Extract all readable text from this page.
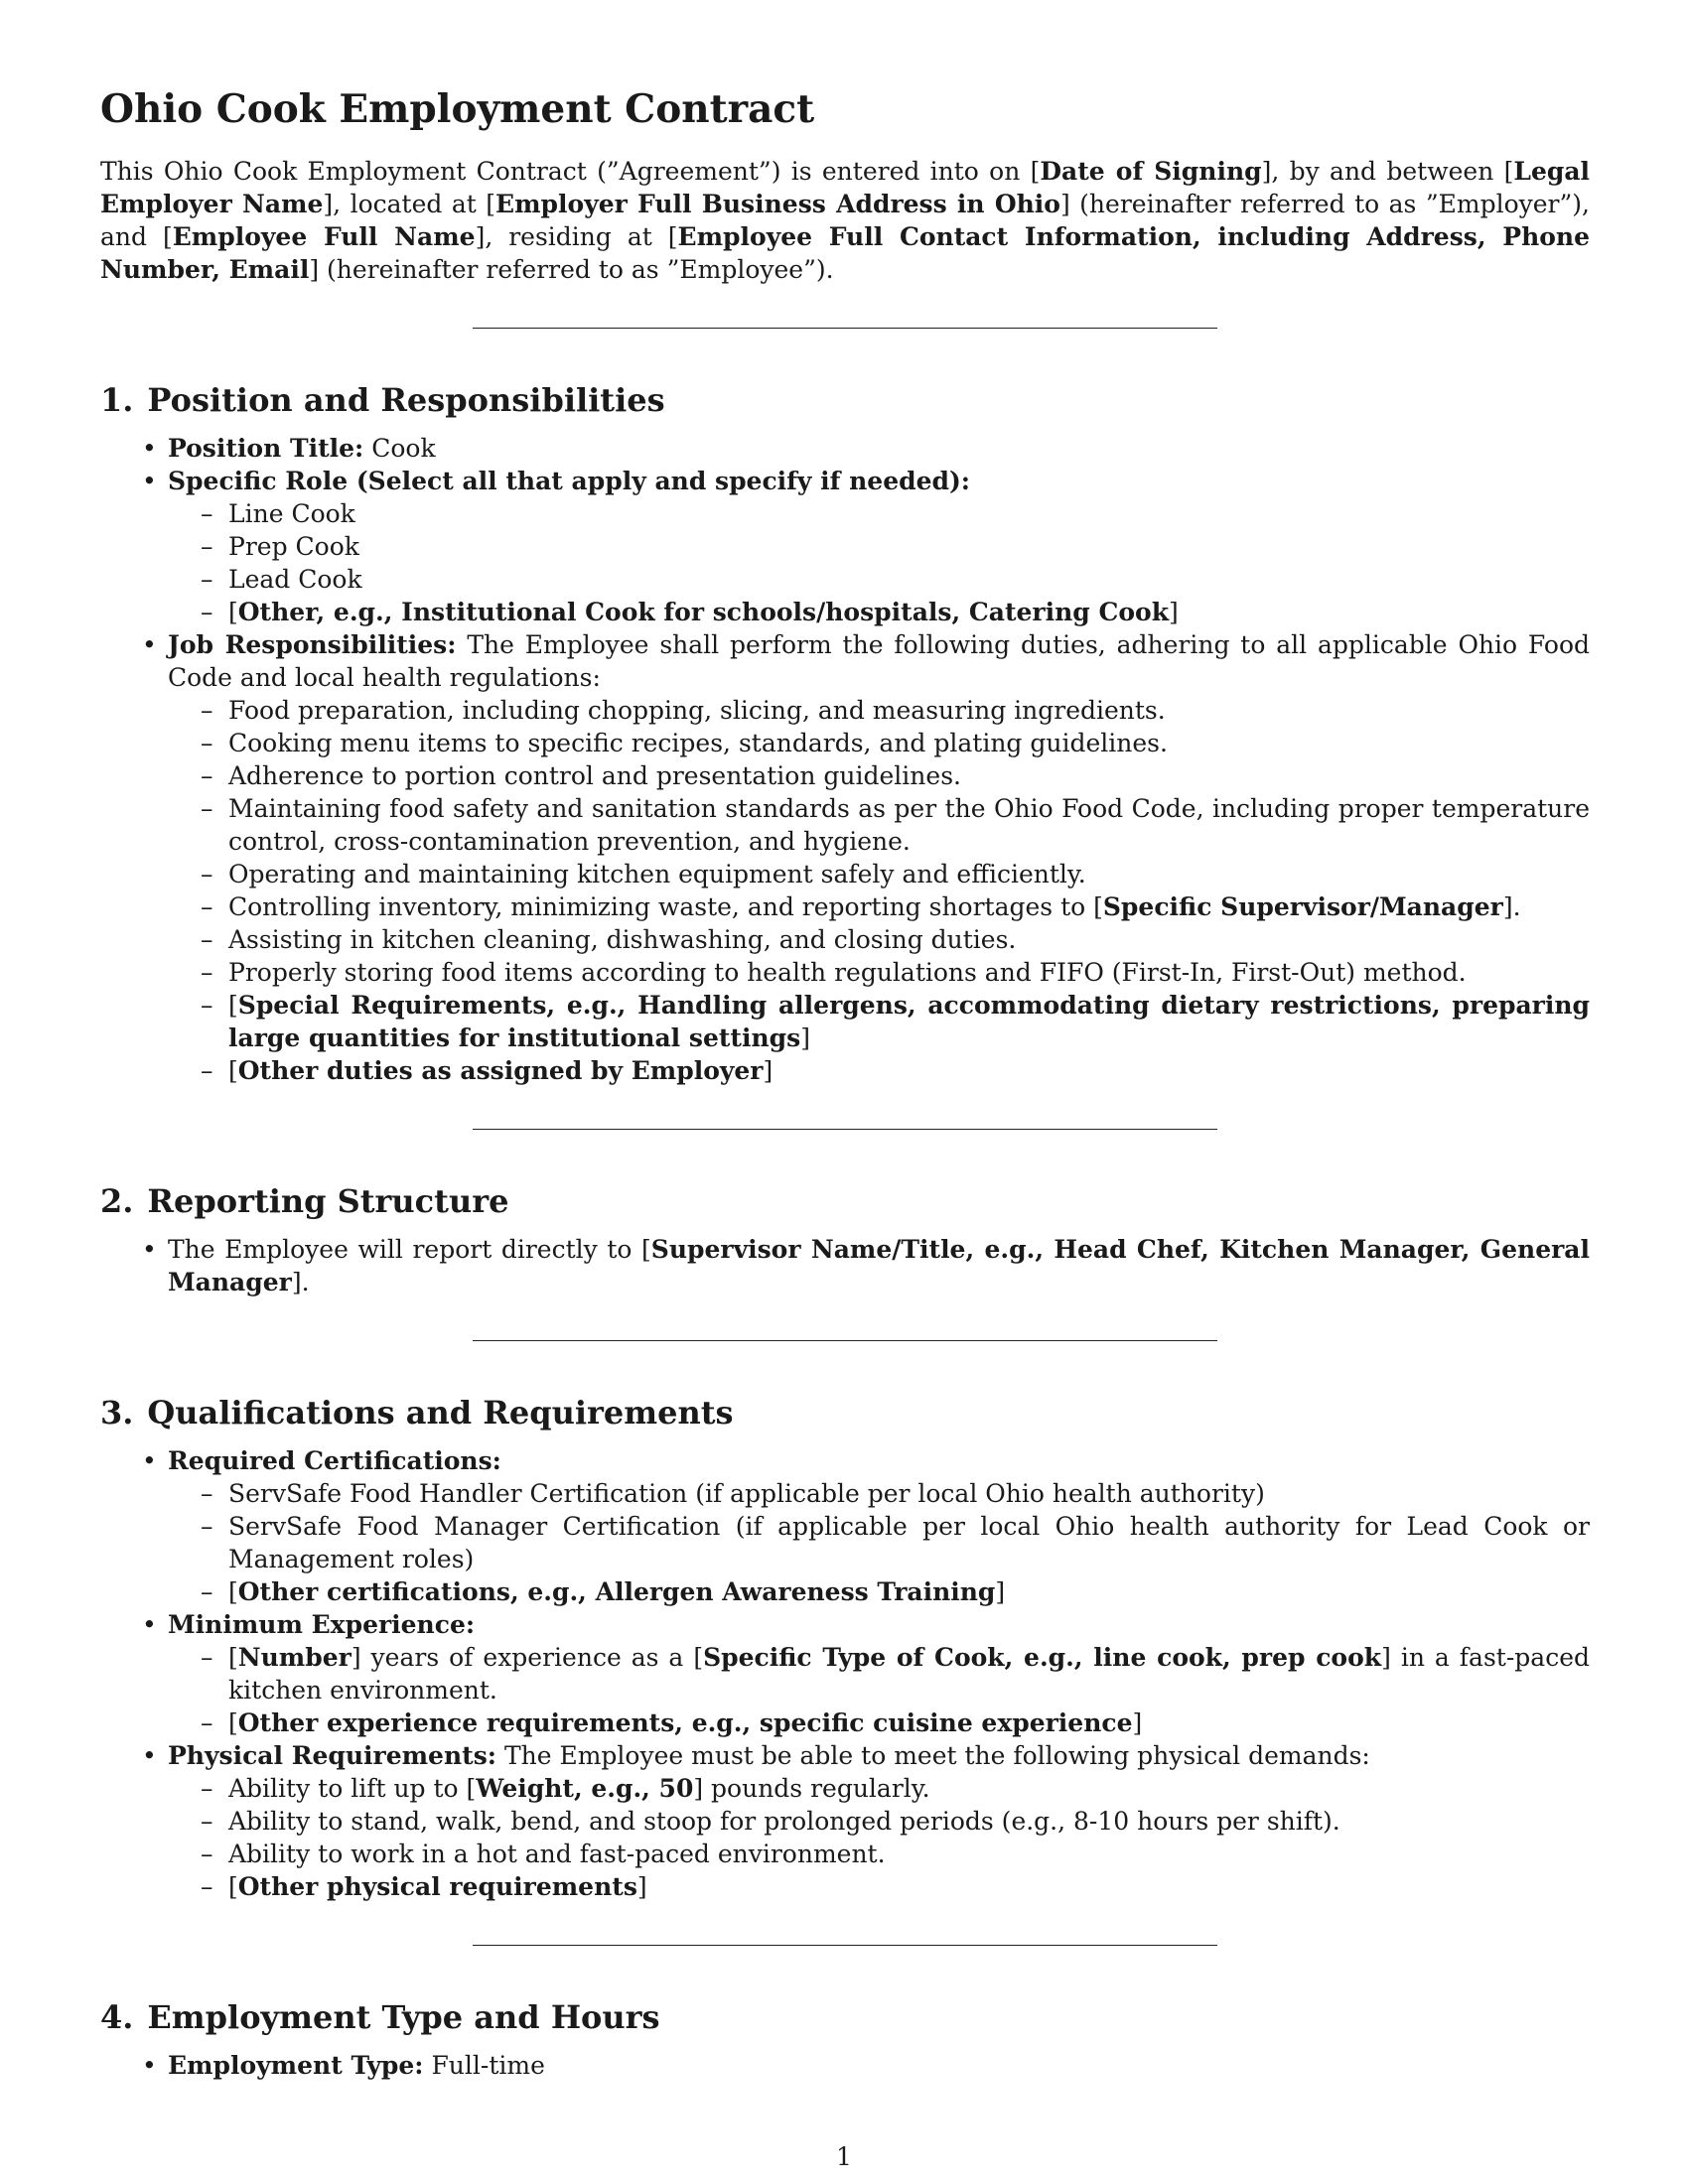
Ohio Cook Employment Contract

This Ohio Cook Employment Contract (”Agreement”) is entered into on [Date of Signing], by and between [Legal Employer Name], located at [Employer Full Business Address in Ohio] (hereinafter referred to as ”Employer”), and [Employee Full Name], residing at [Employee Full Contact Information, including Address, Phone Number, Email] (hereinafter referred to as ”Employee”).

1. Position and Responsibilities
• Position Title: Cook
• Specific Role (Select all that apply and specify if needed):
– Line Cook
– Prep Cook
– Lead Cook
– [Other, e.g., Institutional Cook for schools/hospitals, Catering Cook]
• Job Responsibilities: The Employee shall perform the following duties, adhering to all applicable Ohio Food Code and local health regulations:
– Food preparation, including chopping, slicing, and measuring ingredients.
– Cooking menu items to specific recipes, standards, and plating guidelines.
– Adherence to portion control and presentation guidelines.
– Maintaining food safety and sanitation standards as per the Ohio Food Code, including proper temperature control, cross-contamination prevention, and hygiene.
– Operating and maintaining kitchen equipment safely and efficiently.
– Controlling inventory, minimizing waste, and reporting shortages to [Specific Supervisor/Manager].
– Assisting in kitchen cleaning, dishwashing, and closing duties.
– Properly storing food items according to health regulations and FIFO (First-In, First-Out) method.
– [Special Requirements, e.g., Handling allergens, accommodating dietary restrictions, preparing large quantities for institutional settings]
– [Other duties as assigned by Employer]
2. Reporting Structure
• The Employee will report directly to [Supervisor Name/Title, e.g., Head Chef, Kitchen Manager, General Manager].
3. Qualifications and Requirements
• Required Certifications:
– ServSafe Food Handler Certification (if applicable per local Ohio health authority)
– ServSafe Food Manager Certification (if applicable per local Ohio health authority for Lead Cook or Management roles)
– [Other certifications, e.g., Allergen Awareness Training]
• Minimum Experience:
– [Number] years of experience as a [Specific Type of Cook, e.g., line cook, prep cook] in a fast-paced kitchen environment.
– [Other experience requirements, e.g., specific cuisine experience]
• Physical Requirements: The Employee must be able to meet the following physical demands:
– Ability to lift up to [Weight, e.g., 50] pounds regularly.
– Ability to stand, walk, bend, and stoop for prolonged periods (e.g., 8-10 hours per shift).
– Ability to work in a hot and fast-paced environment.
– [Other physical requirements]
4. Employment Type and Hours
• Employment Type: Full-time
1
